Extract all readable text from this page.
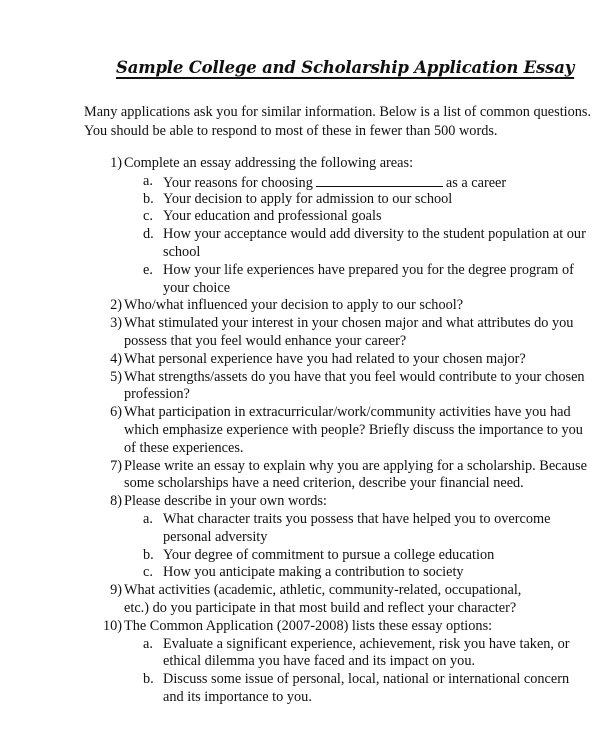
Sample College and Scholarship Application Essay
Many applications ask you for similar information. Below is a list of common questions.
You should be able to respond to most of these in fewer than 500 words.
1) Complete an essay addressing the following areas:
a. Your reasons for choosing	as a career
b. Your decision to apply for admission to our school
c. Your education and professional goals
d. How your acceptance would add diversity to the student population at our
school
e. How your life experiences have prepared you for the degree program of
your choice
2) Who/what influenced your decision to apply to our school?
3) What stimulated your interest in your chosen major and what attributes do you
possess that you feel would enhance your career?
4) What personal experience have you had related to your chosen major?
5) What strengths/assets do you have that you feel would contribute to your chosen
profession?
6) What participation in extracurricular/work/community activities have you had
which emphasize experience with people? Briefly discuss the importance to you
of these experiences.
7) Please write an essay to explain why you are applying for a scholarship. Because
some scholarships have a need criterion, describe your financial need.
8) Please describe in your own words:
a. What character traits you possess that have helped you to overcome
personal adversity
b. Your degree of commitment to pursue a college education
c. How you anticipate making a contribution to society
9) What activities (academic, athletic, community-related, occupational,
etc.) do you participate in that most build and reflect your character?
10) The Common Application (2007-2008) lists these essay options:
a. Evaluate a significant experience, achievement, risk you have taken, or
ethical dilemma you have faced and its impact on you.
b. Discuss some issue of personal, local, national or international concern
and its importance to you.
